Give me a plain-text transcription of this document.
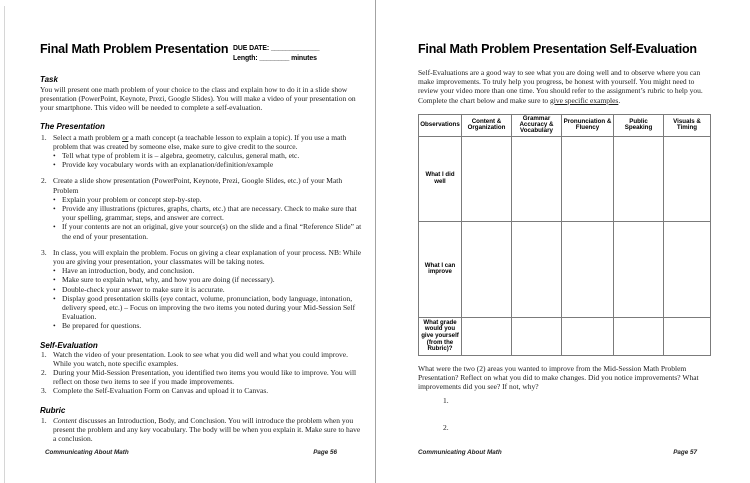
Final Math Problem Presentation DUE DATE: _____________
Length: ________ minutes
Task
You will present one math problem of your choice to the class and explain how to do it in a slide show presentation (PowerPoint, Keynote, Prezi, Google Slides). You will make a video of your presentation on your smartphone. This video will be needed to complete a self-evaluation.
The Presentation
1. Select a math problem or a math concept (a teachable lesson to explain a topic). If you use a math problem that was created by someone else, make sure to give credit to the source.
• Tell what type of problem it is – algebra, geometry, calculus, general math, etc.
• Provide key vocabulary words with an explanation/definition/example
2. Create a slide show presentation (PowerPoint, Keynote, Prezi, Google Slides, etc.) of your Math Problem
• Explain your problem or concept step-by-step.
• Provide any illustrations (pictures, graphs, charts, etc.) that are necessary. Check to make sure that your spelling, grammar, steps, and answer are correct.
• If your contents are not an original, give your source(s) on the slide and a final “Reference Slide” at the end of your presentation.
3. In class, you will explain the problem. Focus on giving a clear explanation of your process. NB: While you are giving your presentation, your classmates will be taking notes.
• Have an introduction, body, and conclusion.
• Make sure to explain what, why, and how you are doing (if necessary).
• Double-check your answer to make sure it is accurate.
• Display good presentation skills (eye contact, volume, pronunciation, body language, intonation, delivery speed, etc.) – Focus on improving the two items you noted during your Mid-Session Self Evaluation.
• Be prepared for questions.
Self-Evaluation
1. Watch the video of your presentation. Look to see what you did well and what you could improve. While you watch, note specific examples.
2. During your Mid-Session Presentation, you identified two items you would like to improve. You will reflect on those two items to see if you made improvements.
3. Complete the Self-Evaluation Form on Canvas and upload it to Canvas.
Rubric
1. Content discusses an Introduction, Body, and Conclusion. You will introduce the problem when you present the problem and any key vocabulary. The body will be when you explain it. Make sure to have a conclusion.
Communicating About Math	Page 56
Final Math Problem Presentation Self-Evaluation
Self-Evaluations are a good way to see what you are doing well and to observe where you can make improvements. To truly help you progress, be honest with yourself. You might need to review your video more than one time. You should refer to the assignment’s rubric to help you. Complete the chart below and make sure to give specific examples.
Observations	Content & Organization	Grammar Accuracy & Vocabulary	Pronunciation & Fluency	Public Speaking	Visuals & Timing
What I did well					
What I can improve					
What grade would you give yourself (from the Rubric)?					
What were the two (2) areas you wanted to improve from the Mid-Session Math Problem Presentation? Reflect on what you did to make changes. Did you notice improvements? What improvements did you see? If not, why?
1.
2.
Communicating About Math	Page 57
